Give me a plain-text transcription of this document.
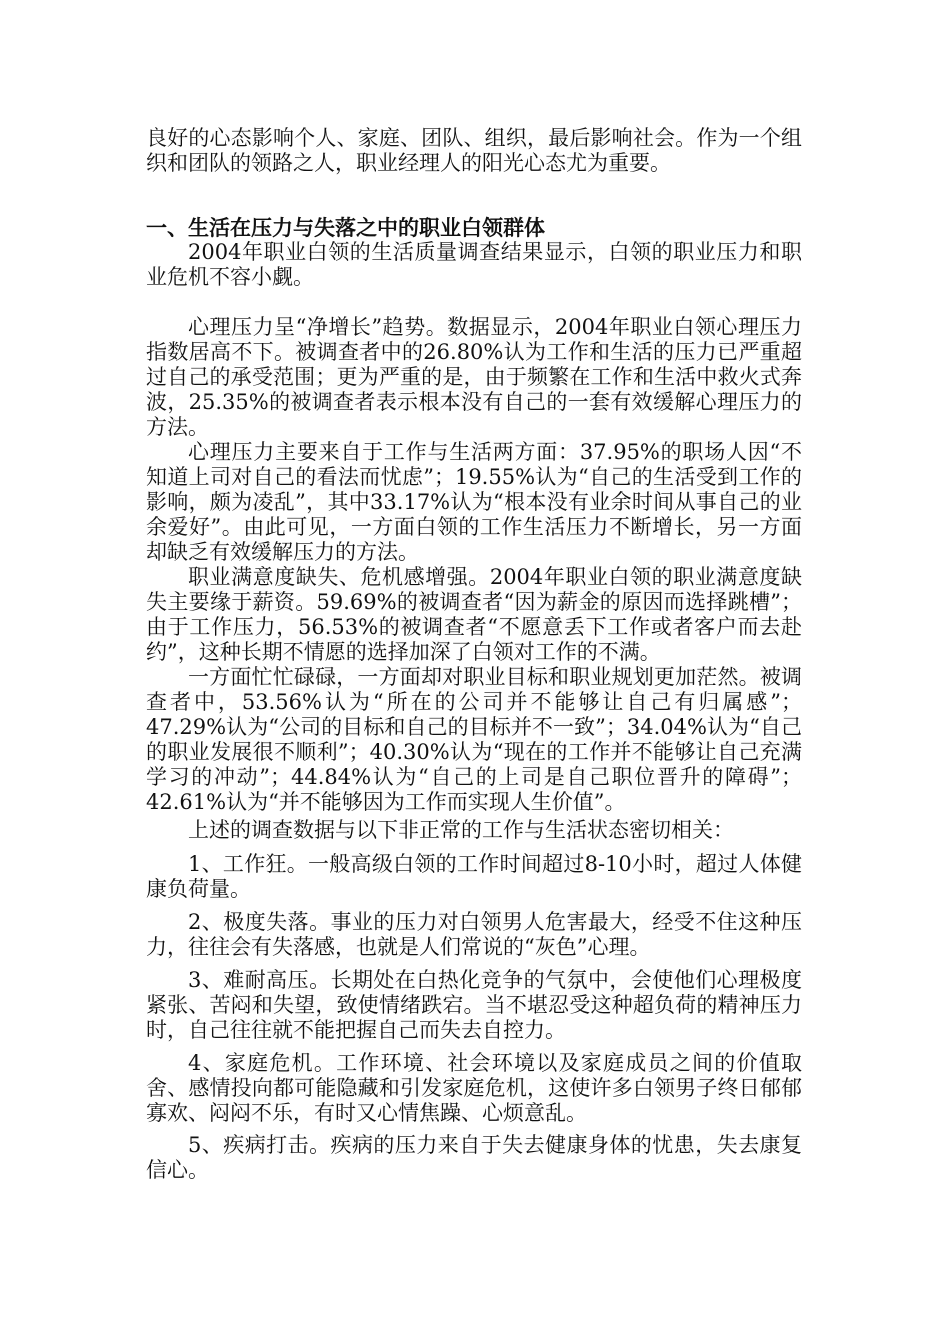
良好的心态影响个人、家庭、团队、组织，最后影响社会。作为一个组织和团队的领路之人，职业经理人的阳光心态尤为重要。

一、生活在压力与失落之中的职业白领群体

2004年职业白领的生活质量调查结果显示，白领的职业压力和职业危机不容小觑。

心理压力呈“净增长”趋势。数据显示，2004年职业白领心理压力指数居高不下。被调查者中的26.80%认为工作和生活的压力已严重超过自己的承受范围；更为严重的是，由于频繁在工作和生活中救火式奔波，25.35%的被调查者表示根本没有自己的一套有效缓解心理压力的方法。

心理压力主要来自于工作与生活两方面：37.95%的职场人因“不知道上司对自己的看法而忧虑”；19.55%认为“自己的生活受到工作的影响，颇为凌乱”，其中33.17%认为“根本没有业余时间从事自己的业余爱好”。由此可见，一方面白领的工作生活压力不断增长，另一方面却缺乏有效缓解压力的方法。

职业满意度缺失、危机感增强。2004年职业白领的职业满意度缺失主要缘于薪资。59.69%的被调查者“因为薪金的原因而选择跳槽”；由于工作压力，56.53%的被调查者“不愿意丢下工作或者客户而去赴约”，这种长期不情愿的选择加深了白领对工作的不满。

一方面忙忙碌碌，一方面却对职业目标和职业规划更加茫然。被调查者中，53.56%认为“所在的公司并不能够让自己有归属感”；47.29%认为“公司的目标和自己的目标并不一致”；34.04%认为“自己的职业发展很不顺利”；40.30%认为“现在的工作并不能够让自己充满学习的冲动”；44.84%认为“自己的上司是自己职位晋升的障碍”；42.61%认为“并不能够因为工作而实现人生价值”。

上述的调查数据与以下非正常的工作与生活状态密切相关：

1、工作狂。一般高级白领的工作时间超过8-10小时，超过人体健康负荷量。

2、极度失落。事业的压力对白领男人危害最大，经受不住这种压力，往往会有失落感，也就是人们常说的“灰色”心理。

3、难耐高压。长期处在白热化竞争的气氛中，会使他们心理极度紧张、苦闷和失望，致使情绪跌宕。当不堪忍受这种超负荷的精神压力时，自己往往就不能把握自己而失去自控力。

4、家庭危机。工作环境、社会环境以及家庭成员之间的价值取舍、感情投向都可能隐藏和引发家庭危机，这使许多白领男子终日郁郁寡欢、闷闷不乐，有时又心情焦躁、心烦意乱。

5、疾病打击。疾病的压力来自于失去健康身体的忧患，失去康复信心。
